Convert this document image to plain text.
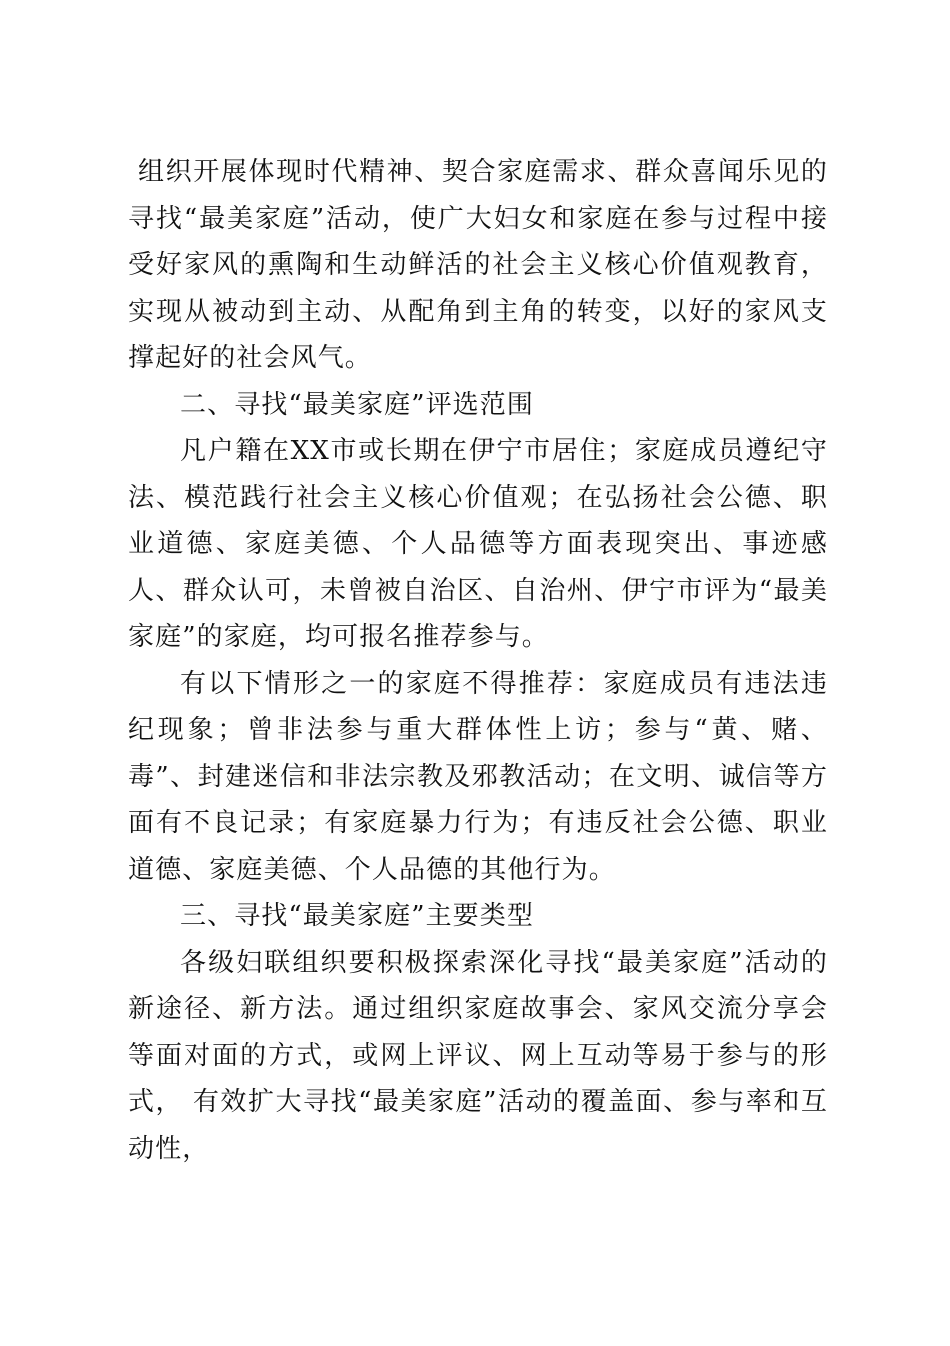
组织开展体现时代精神、契合家庭需求、群众喜闻乐见的寻找“最美家庭”活动，使广大妇女和家庭在参与过程中接受好家风的熏陶和生动鲜活的社会主义核心价值观教育，实现从被动到主动、从配角到主角的转变，以好的家风支撑起好的社会风气。

二、寻找“最美家庭”评选范围

凡户籍在XX市或长期在伊宁市居住；家庭成员遵纪守法、模范践行社会主义核心价值观；在弘扬社会公德、职业道德、家庭美德、个人品德等方面表现突出、事迹感人、群众认可，未曾被自治区、自治州、伊宁市评为“最美家庭”的家庭，均可报名推荐参与。

有以下情形之一的家庭不得推荐：家庭成员有违法违纪现象；曾非法参与重大群体性上访；参与“黄、赌、毒”、封建迷信和非法宗教及邪教活动；在文明、诚信等方面有不良记录；有家庭暴力行为；有违反社会公德、职业道德、家庭美德、个人品德的其他行为。

三、寻找“最美家庭”主要类型

各级妇联组织要积极探索深化寻找“最美家庭”活动的新途径、新方法。通过组织家庭故事会、家风交流分享会等面对面的方式，或网上评议、网上互动等易于参与的形式， 有效扩大寻找“最美家庭”活动的覆盖面、参与率和互动性，
